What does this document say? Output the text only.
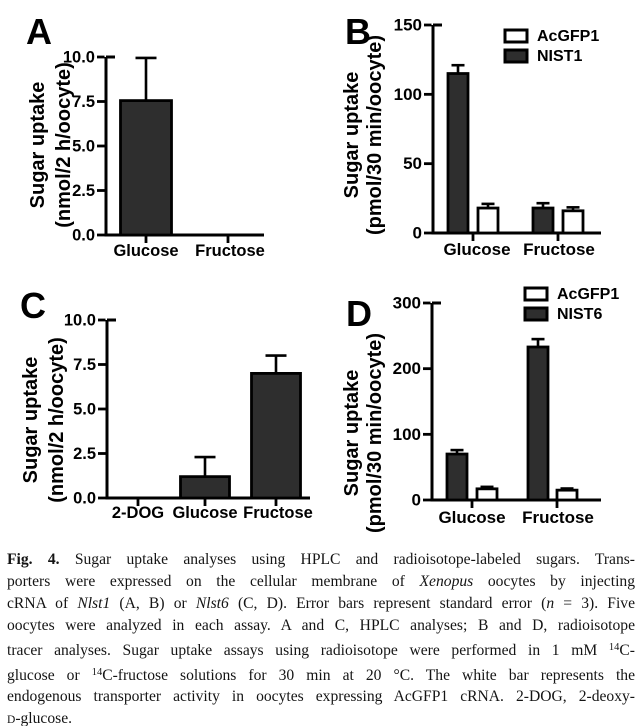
A
Sugar uptake (nmol/2 h/oocyte)
0.0
2.5
5.0
7.5
10.0
Glucose Fructose
B
Sugar uptake (pmol/30 min/oocyte) 0
50
100
150
Glucose Fructose
AcGFP1
NIST1
C
Sugar uptake (nmol/2 h/oocyte) 0.0
2.5
5.0
7.5
10.0
2-DOG Glucose Fructose
D
Sugar uptake (pmol/30 min/oocyte) 0
100
200
300
Glucose Fructose
AcGFP1
NIST6
Fig. 4. Sugar uptake analyses using HPLC and radioisotope-labeled sugars. Trans-
porters were expressed on the cellular membrane of Xenopus oocytes by injecting
cRNA of Nlst1 (A, B) or Nlst6 (C, D). Error bars represent standard error (n = 3). Five
oocytes were analyzed in each assay. A and C, HPLC analyses; B and D, radioisotope
tracer analyses. Sugar uptake assays using radioisotope were performed in 1 mM $^{14}$C-
glucose or $^{14}$C-fructose solutions for 30 min at 20 °C. The white bar represents the
endogenous transporter activity in oocytes expressing AcGFP1 cRNA. 2-DOG, 2-deoxy-
D-glucose.
